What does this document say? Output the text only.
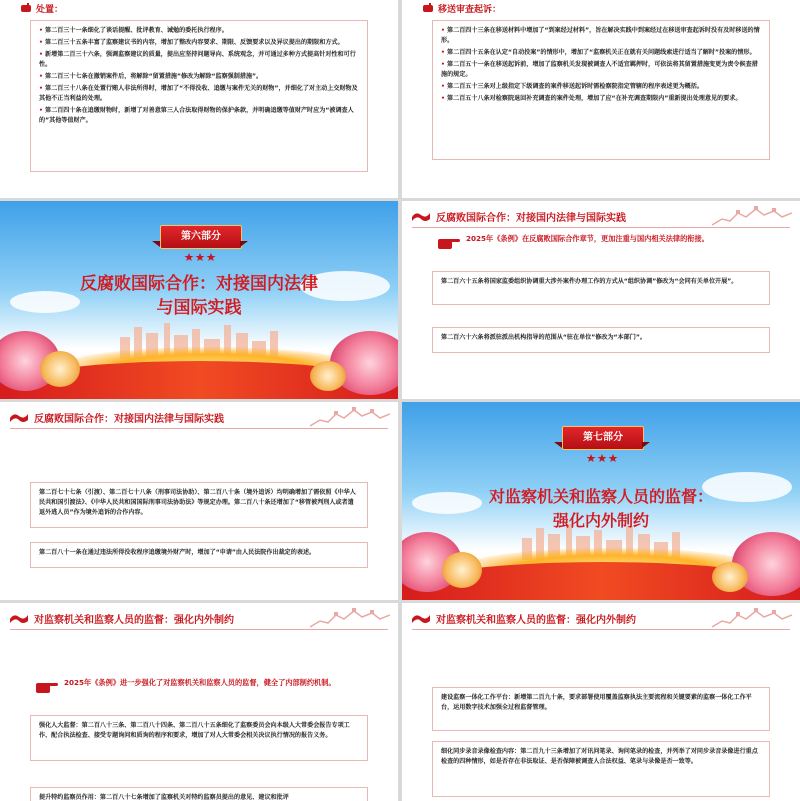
处置：

• 第二百三十一条细化了谈话提醒、批评教育、诫勉的委托执行程序。

• 第二百三十五条丰富了监察建议书的内容，增加了整改内容要求、期限、反馈要求以及异议提出的期限和方式。

• 新增第二百三十六条，强调监察建议的质量，提出应坚持问题导向、系统观念，并可通过多种方式提高针对性和可行性。

• 第二百三十七条在撤销案件后，将解除“留置措施”修改为解除“监察强制措施”。

• 第二百三十八条在处置行贿人非法所得时，增加了“不得没收、追缴与案件无关的财物”，并细化了对主动上交财物及其他不正当利益的处理。

• 第二百四十条在追缴财物时，新增了对善意第三人合法取得财物的保护条款，并明确追缴等值财产时应为“被调查人的”其他等值财产。

移送审查起诉：

• 第二百四十三条在移送材料中增加了“到案经过材料”，旨在解决实践中到案经过在移送审查起诉时没有及时移送的情形。

• 第二百四十五条在认定“自动投案”的情形中，增加了“监察机关正在就有关问题线索进行适当了解时”投案的情形。

• 第二百五十一条在移送起诉前，增加了监察机关发现被调查人不适宜羁押时，可依法将其留置措施变更为责令候查措施的规定。

• 第二百五十三条对上级指定下级调查的案件移送起诉时需检察院指定管辖的程序表述更为概括。

• 第二百五十八条对检察院退回补充调查的案件处理，增加了应“在补充调查期限内”重新提出处理意见的要求。

第六部分
反腐败国际合作：对接国内法律
与国际实践
反腐败国际合作：对接国内法律与国际实践
2025年《条例》在反腐败国际合作章节，更加注重与国内相关法律的衔接。

第二百六十五条将国家监委组织协调重大涉外案件办理工作的方式从“组织协调”修改为“会同有关单位开展”。

第二百六十六条将派驻派出机构指导的范围从“驻在单位”修改为“本部门”。

反腐败国际合作：对接国内法律与国际实践

第二百七十七条（引渡）、第二百七十八条（刑事司法协助）、第二百八十条（境外追诉）均明确增加了需依照《中华人民共和国引渡法》、《中华人民共和国国际刑事司法协助法》等规定办理。第二百八十条还增加了“移管被判刑人或者遣返外逃人员”作为境外追诉的合作内容。

第二百八十一条在通过违法所得没收程序追缴境外财产时，增加了“申请”由人民法院作出裁定的表述。

第七部分
对监察机关和监察人员的监督：
强化内外制约
对监察机关和监察人员的监督：强化内外制约
2025年《条例》进一步强化了对监察机关和监察人员的监督，健全了内部制约机制。

强化人大监督：第二百八十三条、第二百八十四条、第二百八十五条细化了监察委员会向本级人大常委会报告专项工作、配合执法检查、接受专题询问和质询的程序和要求，增加了对人大常委会相关决议执行情况的报告义务。

提升特约监察员作用：第二百八十七条增加了监察机关对特约监察员提出的意见、建议和批评

对监察机关和监察人员的监督：强化内外制约

建设监察一体化工作平台：新增第二百九十条，要求部署使用覆盖监察执法主要流程和关键要素的监察一体化工作平台，运用数字技术加强全过程监督管理。

细化同步录音录像检查内容：第二百九十三条增加了对讯问笔录、询问笔录的检查，并列举了对同步录音录像进行重点检查的四种情形，如是否存在非法取证、是否保障被调查人合法权益、笔录与录像是否一致等。
